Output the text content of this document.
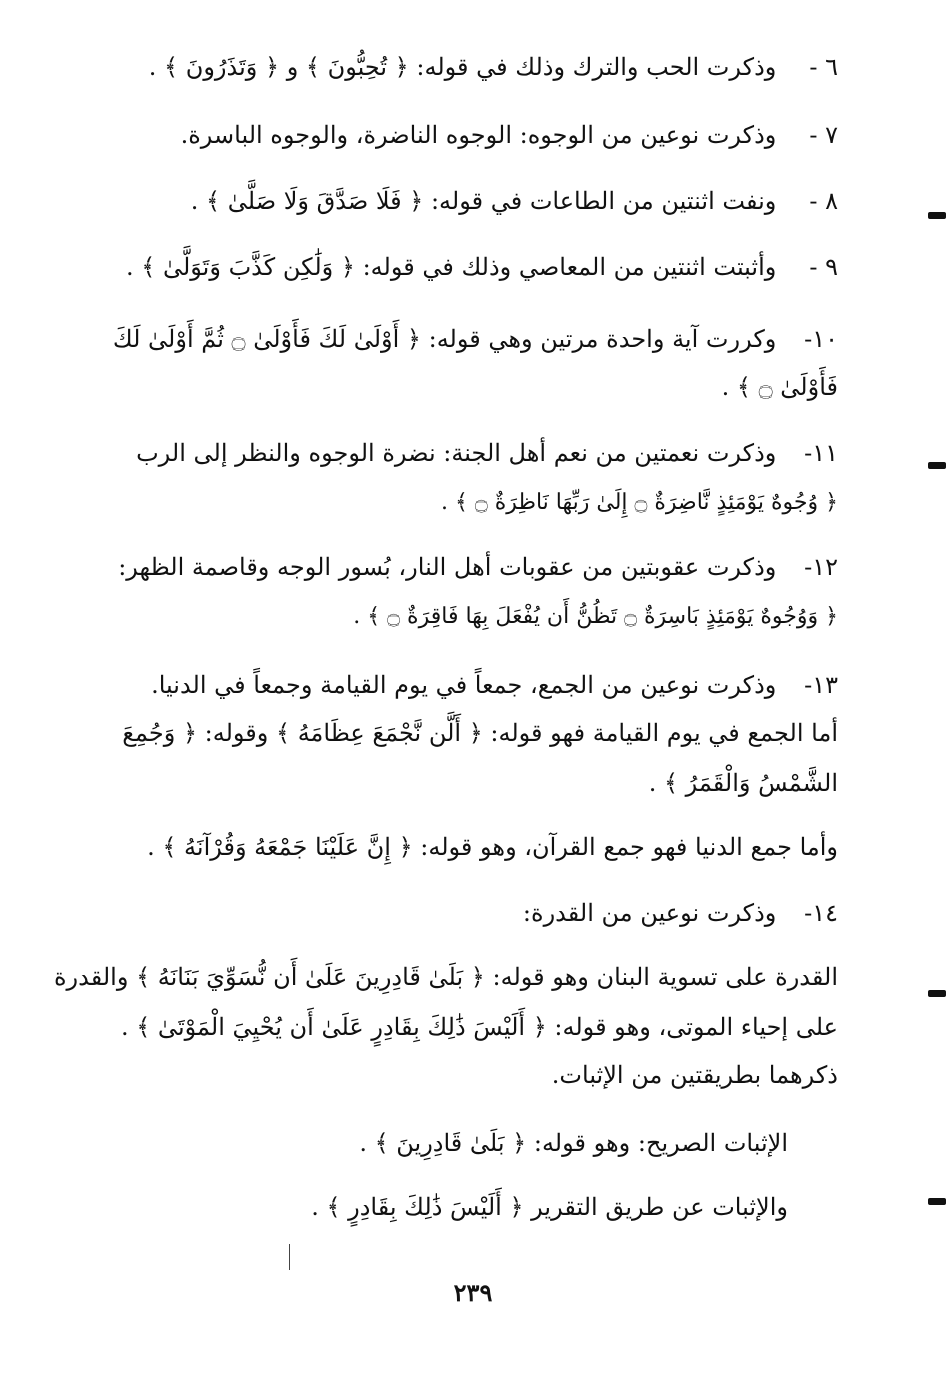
٦ - وذكرت الحب والترك وذلك في قوله: ﴿ تُحِبُّونَ ﴾ و ﴿ وَتَذَرُونَ ﴾ .
٧ - وذكرت نوعين من الوجوه: الوجوه الناضرة، والوجوه الباسرة.
٨ - ونفت اثنتين من الطاعات في قوله: ﴿ فَلَا صَدَّقَ وَلَا صَلَّىٰ ﴾ .
٩ - وأثبتت اثنتين من المعاصي وذلك في قوله: ﴿ وَلَٰكِن كَذَّبَ وَتَوَلَّىٰ ﴾ .
١٠- وكررت آية واحدة مرتين وهي قوله: ﴿ أَوْلَىٰ لَكَ فَأَوْلَىٰ ۝ ثُمَّ أَوْلَىٰ لَكَ
فَأَوْلَىٰ ۝ ﴾ .
١١- وذكرت نعمتين من نعم أهل الجنة: نضرة الوجوه والنظر إلى الرب
﴿ وُجُوهٌ يَوْمَئِذٍ نَّاضِرَةٌ ۝ إِلَىٰ رَبِّهَا نَاظِرَةٌ ۝ ﴾ .
١٢- وذكرت عقوبتين من عقوبات أهل النار، بُسور الوجه وقاصمة الظهر:
﴿ وَوُجُوهٌ يَوْمَئِذٍ بَاسِرَةٌ ۝ تَظُنُّ أَن يُفْعَلَ بِهَا فَاقِرَةٌ ۝ ﴾ .
١٣- وذكرت نوعين من الجمع، جمعاً في يوم القيامة وجمعاً في الدنيا.
أما الجمع في يوم القيامة فهو قوله: ﴿ أَلَّن نَّجْمَعَ عِظَامَهُ ﴾ وقوله: ﴿ وَجُمِعَ
الشَّمْسُ وَالْقَمَرُ ﴾ .
وأما جمع الدنيا فهو جمع القرآن، وهو قوله: ﴿ إِنَّ عَلَيْنَا جَمْعَهُ وَقُرْآنَهُ ﴾ .
١٤- وذكرت نوعين من القدرة:
القدرة على تسوية البنان وهو قوله: ﴿ بَلَىٰ قَادِرِينَ عَلَىٰ أَن نُّسَوِّيَ بَنَانَهُ ﴾ والقدرة
على إحياء الموتى، وهو قوله: ﴿ أَلَيْسَ ذَٰلِكَ بِقَادِرٍ عَلَىٰ أَن يُحْيِيَ الْمَوْتَىٰ ﴾ .
ذكرهما بطريقتين من الإثبات.
الإثبات الصريح: وهو قوله: ﴿ بَلَىٰ قَادِرِينَ ﴾ .
والإثبات عن طريق التقرير ﴿ أَلَيْسَ ذَٰلِكَ بِقَادِرٍ ﴾ .
٢٣٩
